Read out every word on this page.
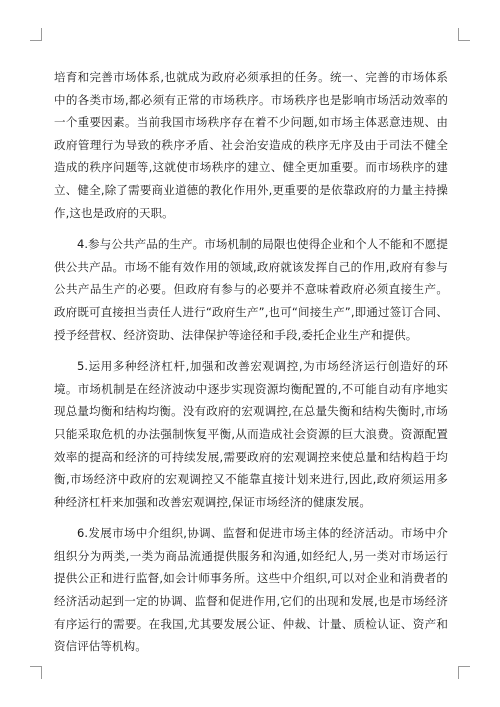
培育和完善市场体系,也就成为政府必须承担的任务。统一、完善的市场体系中的各类市场,都必须有正常的市场秩序。市场秩序也是影响市场活动效率的一个重要因素。当前我国市场秩序存在着不少问题,如市场主体恶意违规、由政府管理行为导致的秩序矛盾、社会治安造成的秩序无序及由于司法不健全造成的秩序问题等,这就使市场秩序的建立、健全更加重要。而市场秩序的建立、健全,除了需要商业道德的教化作用外,更重要的是依靠政府的力量主持操作,这也是政府的天职。

4.参与公共产品的生产。市场机制的局限也使得企业和个人不能和不愿提供公共产品。市场不能有效作用的领域,政府就该发挥自己的作用,政府有参与公共产品生产的必要。但政府有参与的必要并不意味着政府必须直接生产。政府既可直接担当责任人进行“政府生产”,也可“间接生产”,即通过签订合同、授予经营权、经济资助、法律保护等途径和手段,委托企业生产和提供。

5.运用多种经济杠杆,加强和改善宏观调控,为市场经济运行创造好的环境。市场机制是在经济波动中逐步实现资源均衡配置的,不可能自动有序地实现总量均衡和结构均衡。没有政府的宏观调控,在总量失衡和结构失衡时,市场只能采取危机的办法强制恢复平衡,从而造成社会资源的巨大浪费。资源配置效率的提高和经济的可持续发展,需要政府的宏观调控来使总量和结构趋于均衡,市场经济中政府的宏观调控又不能靠直接计划来进行,因此,政府须运用多种经济杠杆来加强和改善宏观调控,保证市场经济的健康发展。

6.发展市场中介组织,协调、监督和促进市场主体的经济活动。市场中介组织分为两类,一类为商品流通提供服务和沟通,如经纪人,另一类对市场运行提供公正和进行监督,如会计师事务所。这些中介组织,可以对企业和消费者的经济活动起到一定的协调、监督和促进作用,它们的出现和发展,也是市场经济有序运行的需要。在我国,尤其要发展公证、仲裁、计量、质检认证、资产和资信评估等机构。
